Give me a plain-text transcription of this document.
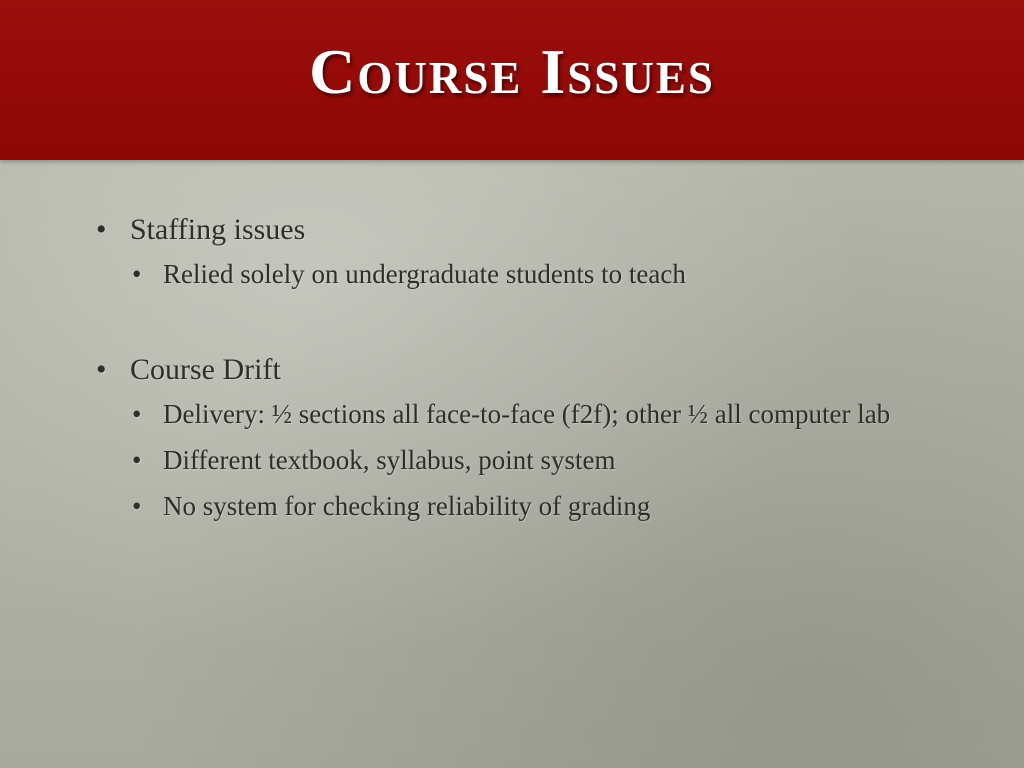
Course Issues
• Staffing issues
• Relied solely on undergraduate students to teach
• Course Drift
• Delivery: ½ sections all face-to-face (f2f); other ½ all computer lab
• Different textbook, syllabus, point system
• No system for checking reliability of grading
